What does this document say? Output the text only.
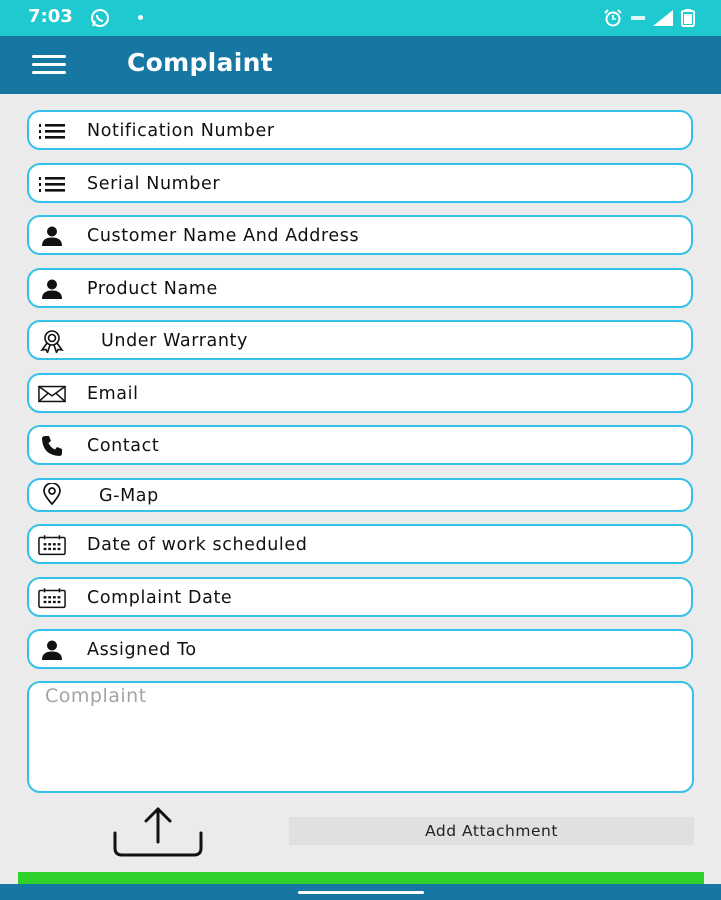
7:03
Complaint
Notification Number
Serial Number
Customer Name And Address
Product Name
Under Warranty
Email
Contact
G-Map
Date of work scheduled
Complaint Date
Assigned To
Complaint
Add Attachment
